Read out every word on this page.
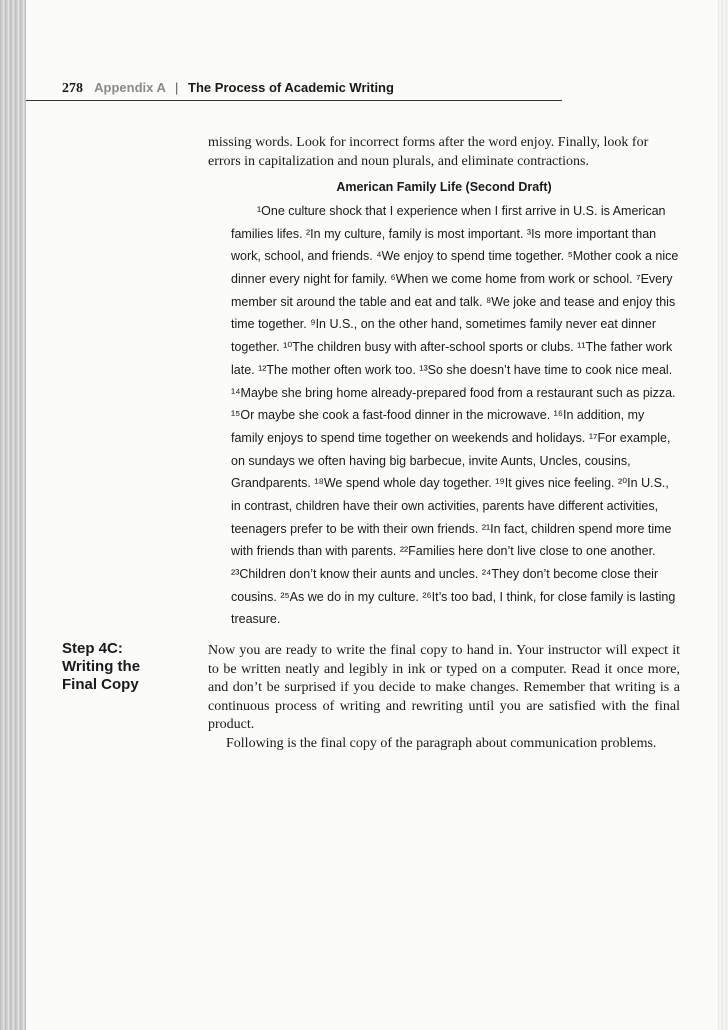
278 Appendix A | The Process of Academic Writing
missing words. Look for incorrect forms after the word enjoy. Finally, look for errors in capitalization and noun plurals, and eliminate contractions.
American Family Life (Second Draft)
¹One culture shock that I experience when I first arrive in U.S. is American
families lifes. ²In my culture, family is most important. ³Is more important than
work, school, and friends. ⁴We enjoy to spend time together. ⁵Mother cook a nice
dinner every night for family. ⁶When we come home from work or school. ⁷Every
member sit around the table and eat and talk. ⁸We joke and tease and enjoy this
time together. ⁹In U.S., on the other hand, sometimes family never eat dinner
together. ¹⁰The children busy with after-school sports or clubs. ¹¹The father work
late. ¹²The mother often work too. ¹³So she doesn’t have time to cook nice meal.
¹⁴Maybe she bring home already-prepared food from a restaurant such as pizza.
¹⁵Or maybe she cook a fast-food dinner in the microwave. ¹⁶In addition, my
family enjoys to spend time together on weekends and holidays. ¹⁷For example,
on sundays we often having big barbecue, invite Aunts, Uncles, cousins,
Grandparents. ¹⁸We spend whole day together. ¹⁹It gives nice feeling. ²⁰In U.S.,
in contrast, children have their own activities, parents have different activities,
teenagers prefer to be with their own friends. ²¹In fact, children spend more time
with friends than with parents. ²²Families here don’t live close to one another.
²³Children don’t know their aunts and uncles. ²⁴They don’t become close their
cousins. ²⁵As we do in my culture. ²⁶It’s too bad, I think, for close family is lasting
treasure.
Step 4C:
Writing the
Final Copy

Now you are ready to write the final copy to hand in. Your instructor will expect it to be written neatly and legibly in ink or typed on a computer. Read it once more, and don’t be surprised if you decide to make changes. Remember that writing is a continuous process of writing and rewriting until you are satisfied with the final product.

Following is the final copy of the paragraph about communication problems.
